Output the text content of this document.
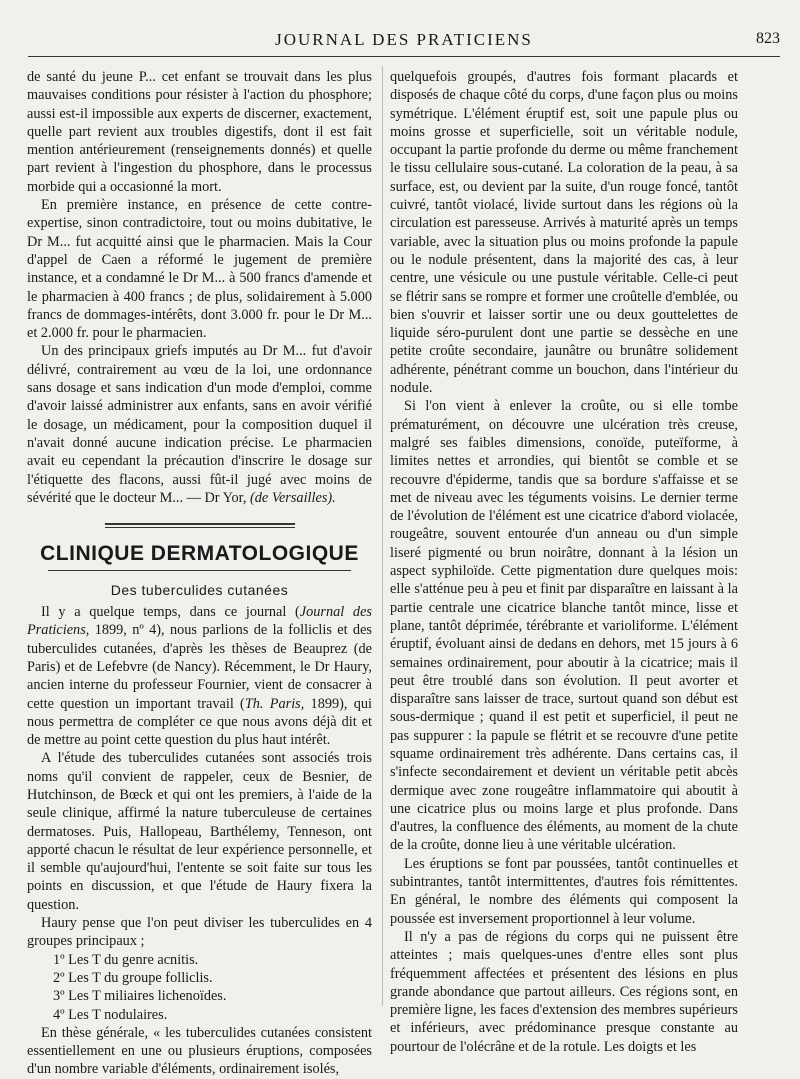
JOURNAL DES PRATICIENS	823

de santé du jeune P... cet enfant se trouvait dans les plus mauvaises conditions pour résister à l'action du phosphore; aussi est-il impossible aux experts de discerner, exactement, quelle part revient aux troubles digestifs, dont il est fait mention antérieurement (renseignements donnés) et quelle part revient à l'ingestion du phosphore, dans le processus morbide qui a occasionné la mort.

En première instance, en présence de cette contre-expertise, sinon contradictoire, tout ou moins dubitative, le Dr M... fut acquitté ainsi que le pharmacien. Mais la Cour d'appel de Caen a réformé le jugement de première instance, et a condamné le Dr M... à 500 francs d'amende et le pharmacien à 400 francs ; de plus, solidairement à 5.000 francs de dommages-intérêts, dont 3.000 fr. pour le Dr M... et 2.000 fr. pour le pharmacien.

Un des principaux griefs imputés au Dr M... fut d'avoir délivré, contrairement au vœu de la loi, une ordonnance sans dosage et sans indication d'un mode d'emploi, comme d'avoir laissé administrer aux enfants, sans en avoir vérifié le dosage, un médicament, pour la composition duquel il n'avait donné aucune indication précise. Le pharmacien avait eu cependant la précaution d'inscrire le dosage sur l'étiquette des flacons, aussi fût-il jugé avec moins de sévérité que le docteur M... — Dr Yor, (de Versailles).

CLINIQUE DERMATOLOGIQUE
Des tuberculides cutanées

Il y a quelque temps, dans ce journal (Journal des Praticiens, 1899, nº 4), nous parlions de la folliclis et des tuberculides cutanées, d'après les thèses de Beauprez (de Paris) et de Lefebvre (de Nancy). Récemment, le Dr Haury, ancien interne du professeur Fournier, vient de consacrer à cette question un important travail (Th. Paris, 1899), qui nous permettra de compléter ce que nous avons déjà dit et de mettre au point cette question du plus haut intérêt.

A l'étude des tuberculides cutanées sont associés trois noms qu'il convient de rappeler, ceux de Besnier, de Hutchinson, de Bœck et qui ont les premiers, à l'aide de la seule clinique, affirmé la nature tuberculeuse de certaines dermatoses. Puis, Hallopeau, Barthélemy, Tenneson, ont apporté chacun le résultat de leur expérience personnelle, et il semble qu'aujourd'hui, l'entente se soit faite sur tous les points en discussion, et que l'étude de Haury fixera la question.

Haury pense que l'on peut diviser les tuberculides en 4 groupes principaux ;

1º Les T du genre acnitis.
2º Les T du groupe folliclis.
3º Les T miliaires lichenoïdes.
4º Les T nodulaires.

En thèse générale, « les tuberculides cutanées consistent essentiellement en une ou plusieurs éruptions, composées d'un nombre variable d'éléments, ordinairement isolés,

quelquefois groupés, d'autres fois formant placards et disposés de chaque côté du corps, d'une façon plus ou moins symétrique. L'élément éruptif est, soit une papule plus ou moins grosse et superficielle, soit un véritable nodule, occupant la partie profonde du derme ou même franchement le tissu cellulaire sous-cutané. La coloration de la peau, à sa surface, est, ou devient par la suite, d'un rouge foncé, tantôt cuivré, tantôt violacé, livide surtout dans les régions où la circulation est paresseuse. Arrivés à maturité après un temps variable, avec la situation plus ou moins profonde la papule ou le nodule présentent, dans la majorité des cas, à leur centre, une vésicule ou une pustule véritable. Celle-ci peut se flétrir sans se rompre et former une croûtelle d'emblée, ou bien s'ouvrir et laisser sortir une ou deux gouttelettes de liquide séro-purulent dont une partie se dessèche en une petite croûte secondaire, jaunâtre ou brunâtre solidement adhérente, pénétrant comme un bouchon, dans l'intérieur du nodule.

Si l'on vient à enlever la croûte, ou si elle tombe prématurément, on découvre une ulcération très creuse, malgré ses faibles dimensions, conoïde, puteïforme, à limites nettes et arrondies, qui bientôt se comble et se recouvre d'épiderme, tandis que sa bordure s'affaisse et se met de niveau avec les téguments voisins. Le dernier terme de l'évolution de l'élément est une cicatrice d'abord violacée, rougeâtre, souvent entourée d'un anneau ou d'un simple liseré pigmenté ou brun noirâtre, donnant à la lésion un aspect syphiloïde. Cette pigmentation dure quelques mois: elle s'atténue peu à peu et finit par disparaître en laissant à la partie centrale une cicatrice blanche tantôt mince, lisse et plane, tantôt déprimée, térébrante et varioliforme. L'élément éruptif, évoluant ainsi de dedans en dehors, met 15 jours à 6 semaines ordinairement, pour aboutir à la cicatrice; mais il peut être troublé dans son évolution. Il peut avorter et disparaître sans laisser de trace, surtout quand son début est sous-dermique ; quand il est petit et superficiel, il peut ne pas suppurer : la papule se flétrit et se recouvre d'une petite squame ordinairement très adhérente. Dans certains cas, il s'infecte secondairement et devient un véritable petit abcès dermique avec zone rougeâtre inflammatoire qui aboutit à une cicatrice plus ou moins large et plus profonde. Dans d'autres, la confluence des éléments, au moment de la chute de la croûte, donne lieu à une véritable ulcération.

Les éruptions se font par poussées, tantôt continuelles et subintrantes, tantôt intermittentes, d'autres fois rémittentes. En général, le nombre des éléments qui composent la poussée est inversement proportionnel à leur volume.

Il n'y a pas de régions du corps qui ne puissent être atteintes ; mais quelques-unes d'entre elles sont plus fréquemment affectées et présentent des lésions en plus grande abondance que partout ailleurs. Ces régions sont, en première ligne, les faces d'extension des membres supérieurs et inférieurs, avec prédominance presque constante au pourtour de l'olécrâne et de la rotule. Les doigts et les
